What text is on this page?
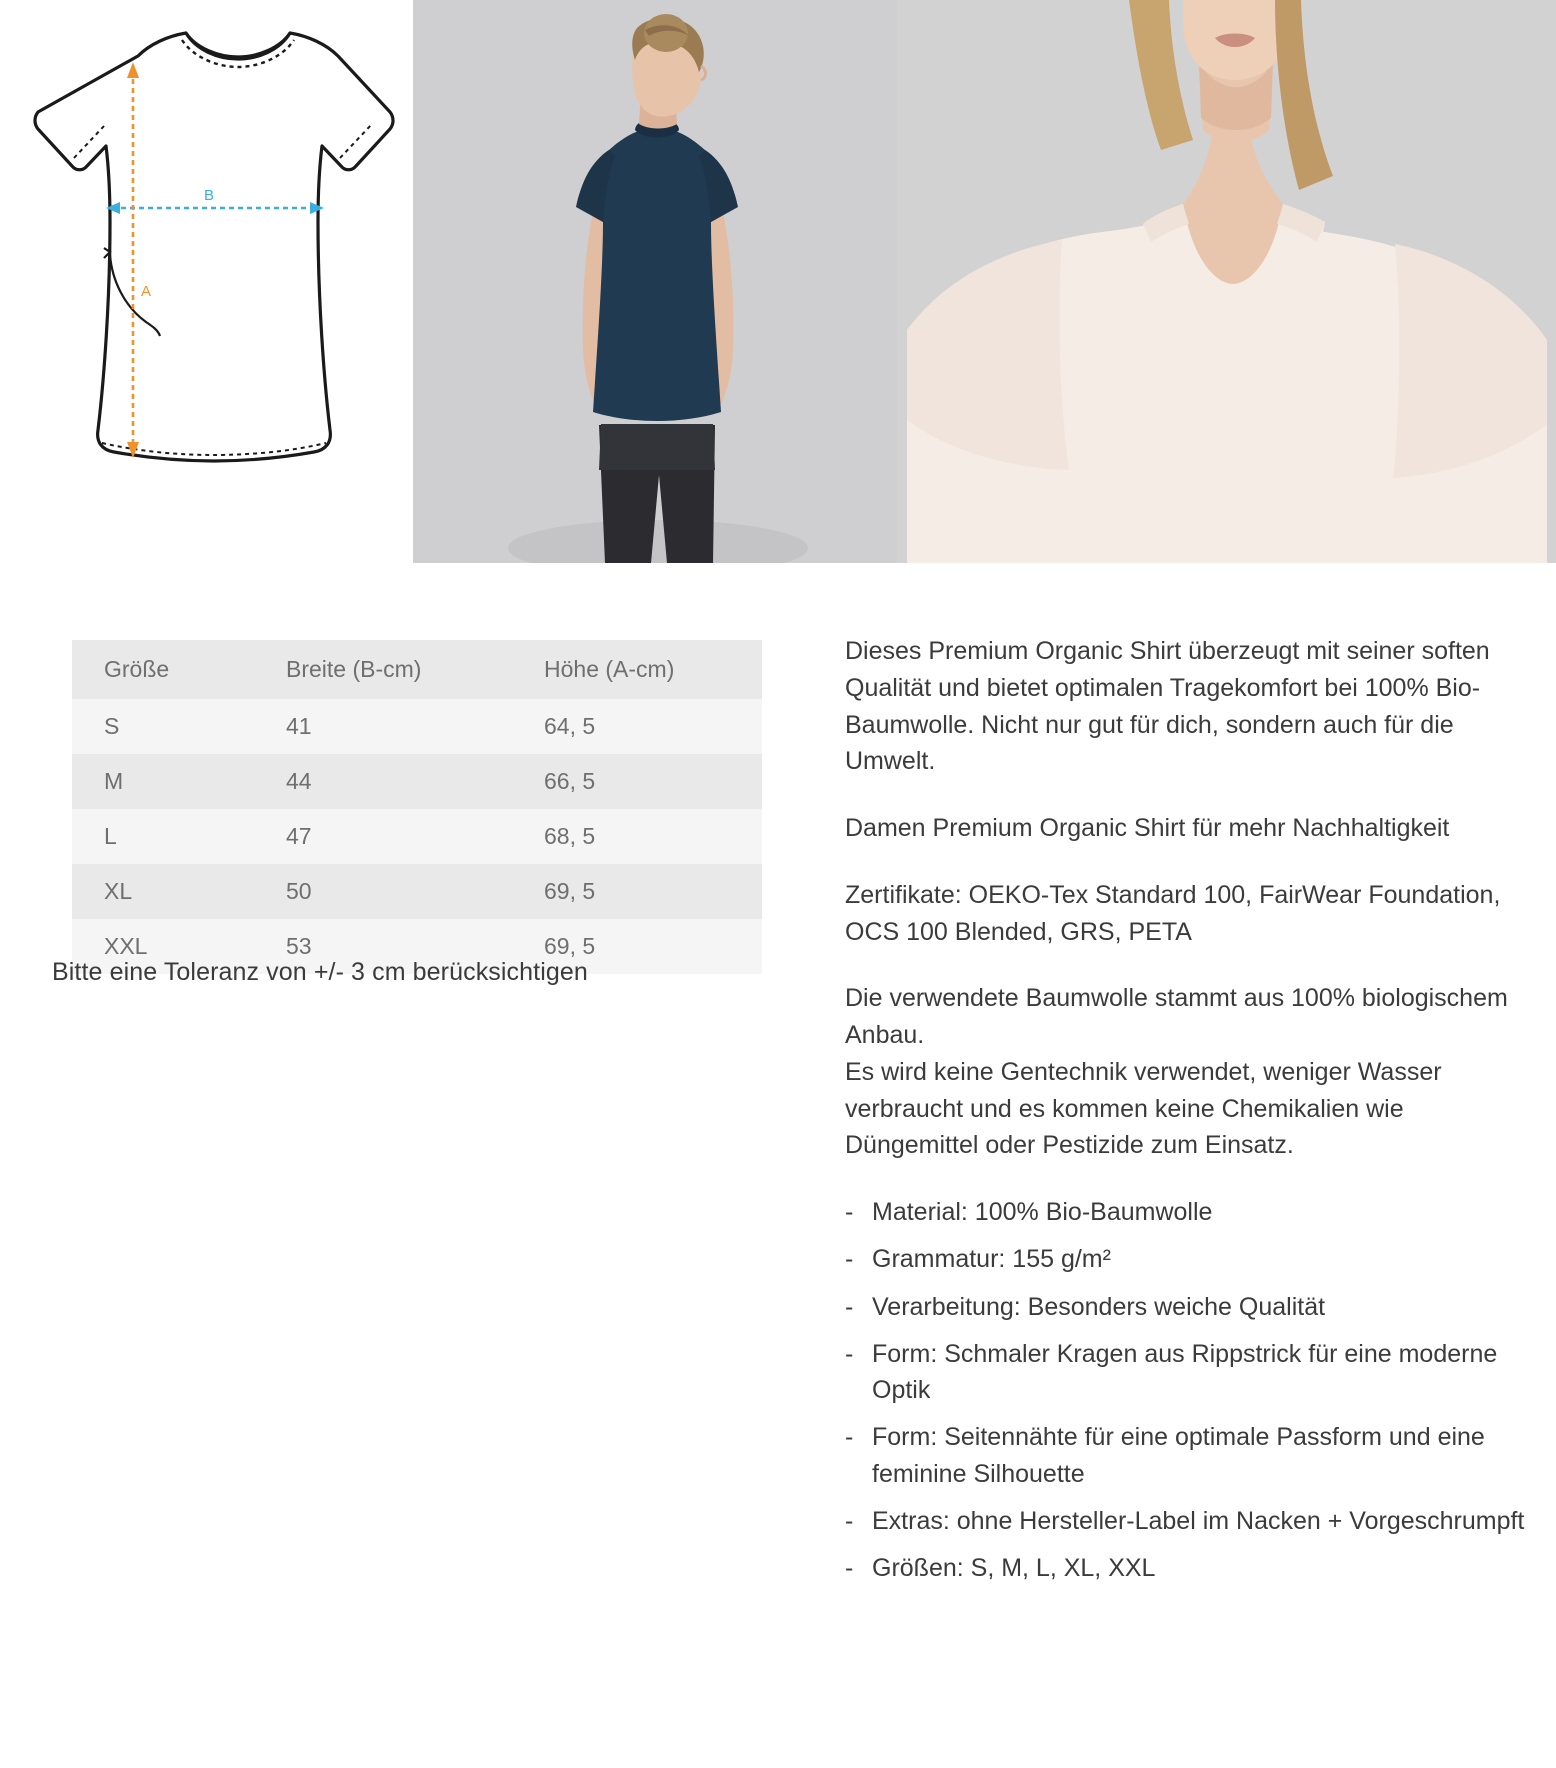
B
A
Größe	Breite (B-cm)	Höhe (A-cm)
S	41	64, 5
M	44	66, 5
L	47	68, 5
XL	50	69, 5
XXL	53	69, 5
Bitte eine Toleranz von +/- 3 cm berücksichtigen

Dieses Premium Organic Shirt überzeugt mit seiner soften Qualität und bietet optimalen Tragekomfort bei 100% Bio-Baumwolle. Nicht nur gut für dich, sondern auch für die Umwelt.

Damen Premium Organic Shirt für mehr Nachhaltigkeit

Zertifikate: OEKO-Tex Standard 100, FairWear Foundation, OCS 100 Blended, GRS, PETA

Die verwendete Baumwolle stammt aus 100% biologischem Anbau.
Es wird keine Gentechnik verwendet, weniger Wasser verbraucht und es kommen keine Chemikalien wie Düngemittel oder Pestizide zum Einsatz.
- Material: 100% Bio-Baumwolle
- Grammatur: 155 g/m²
- Verarbeitung: Besonders weiche Qualität
- Form: Schmaler Kragen aus Rippstrick für eine moderne Optik
- Form: Seitennähte für eine optimale Passform und eine feminine Silhouette
- Extras: ohne Hersteller-Label im Nacken + Vorgeschrumpft
- Größen: S, M, L, XL, XXL
